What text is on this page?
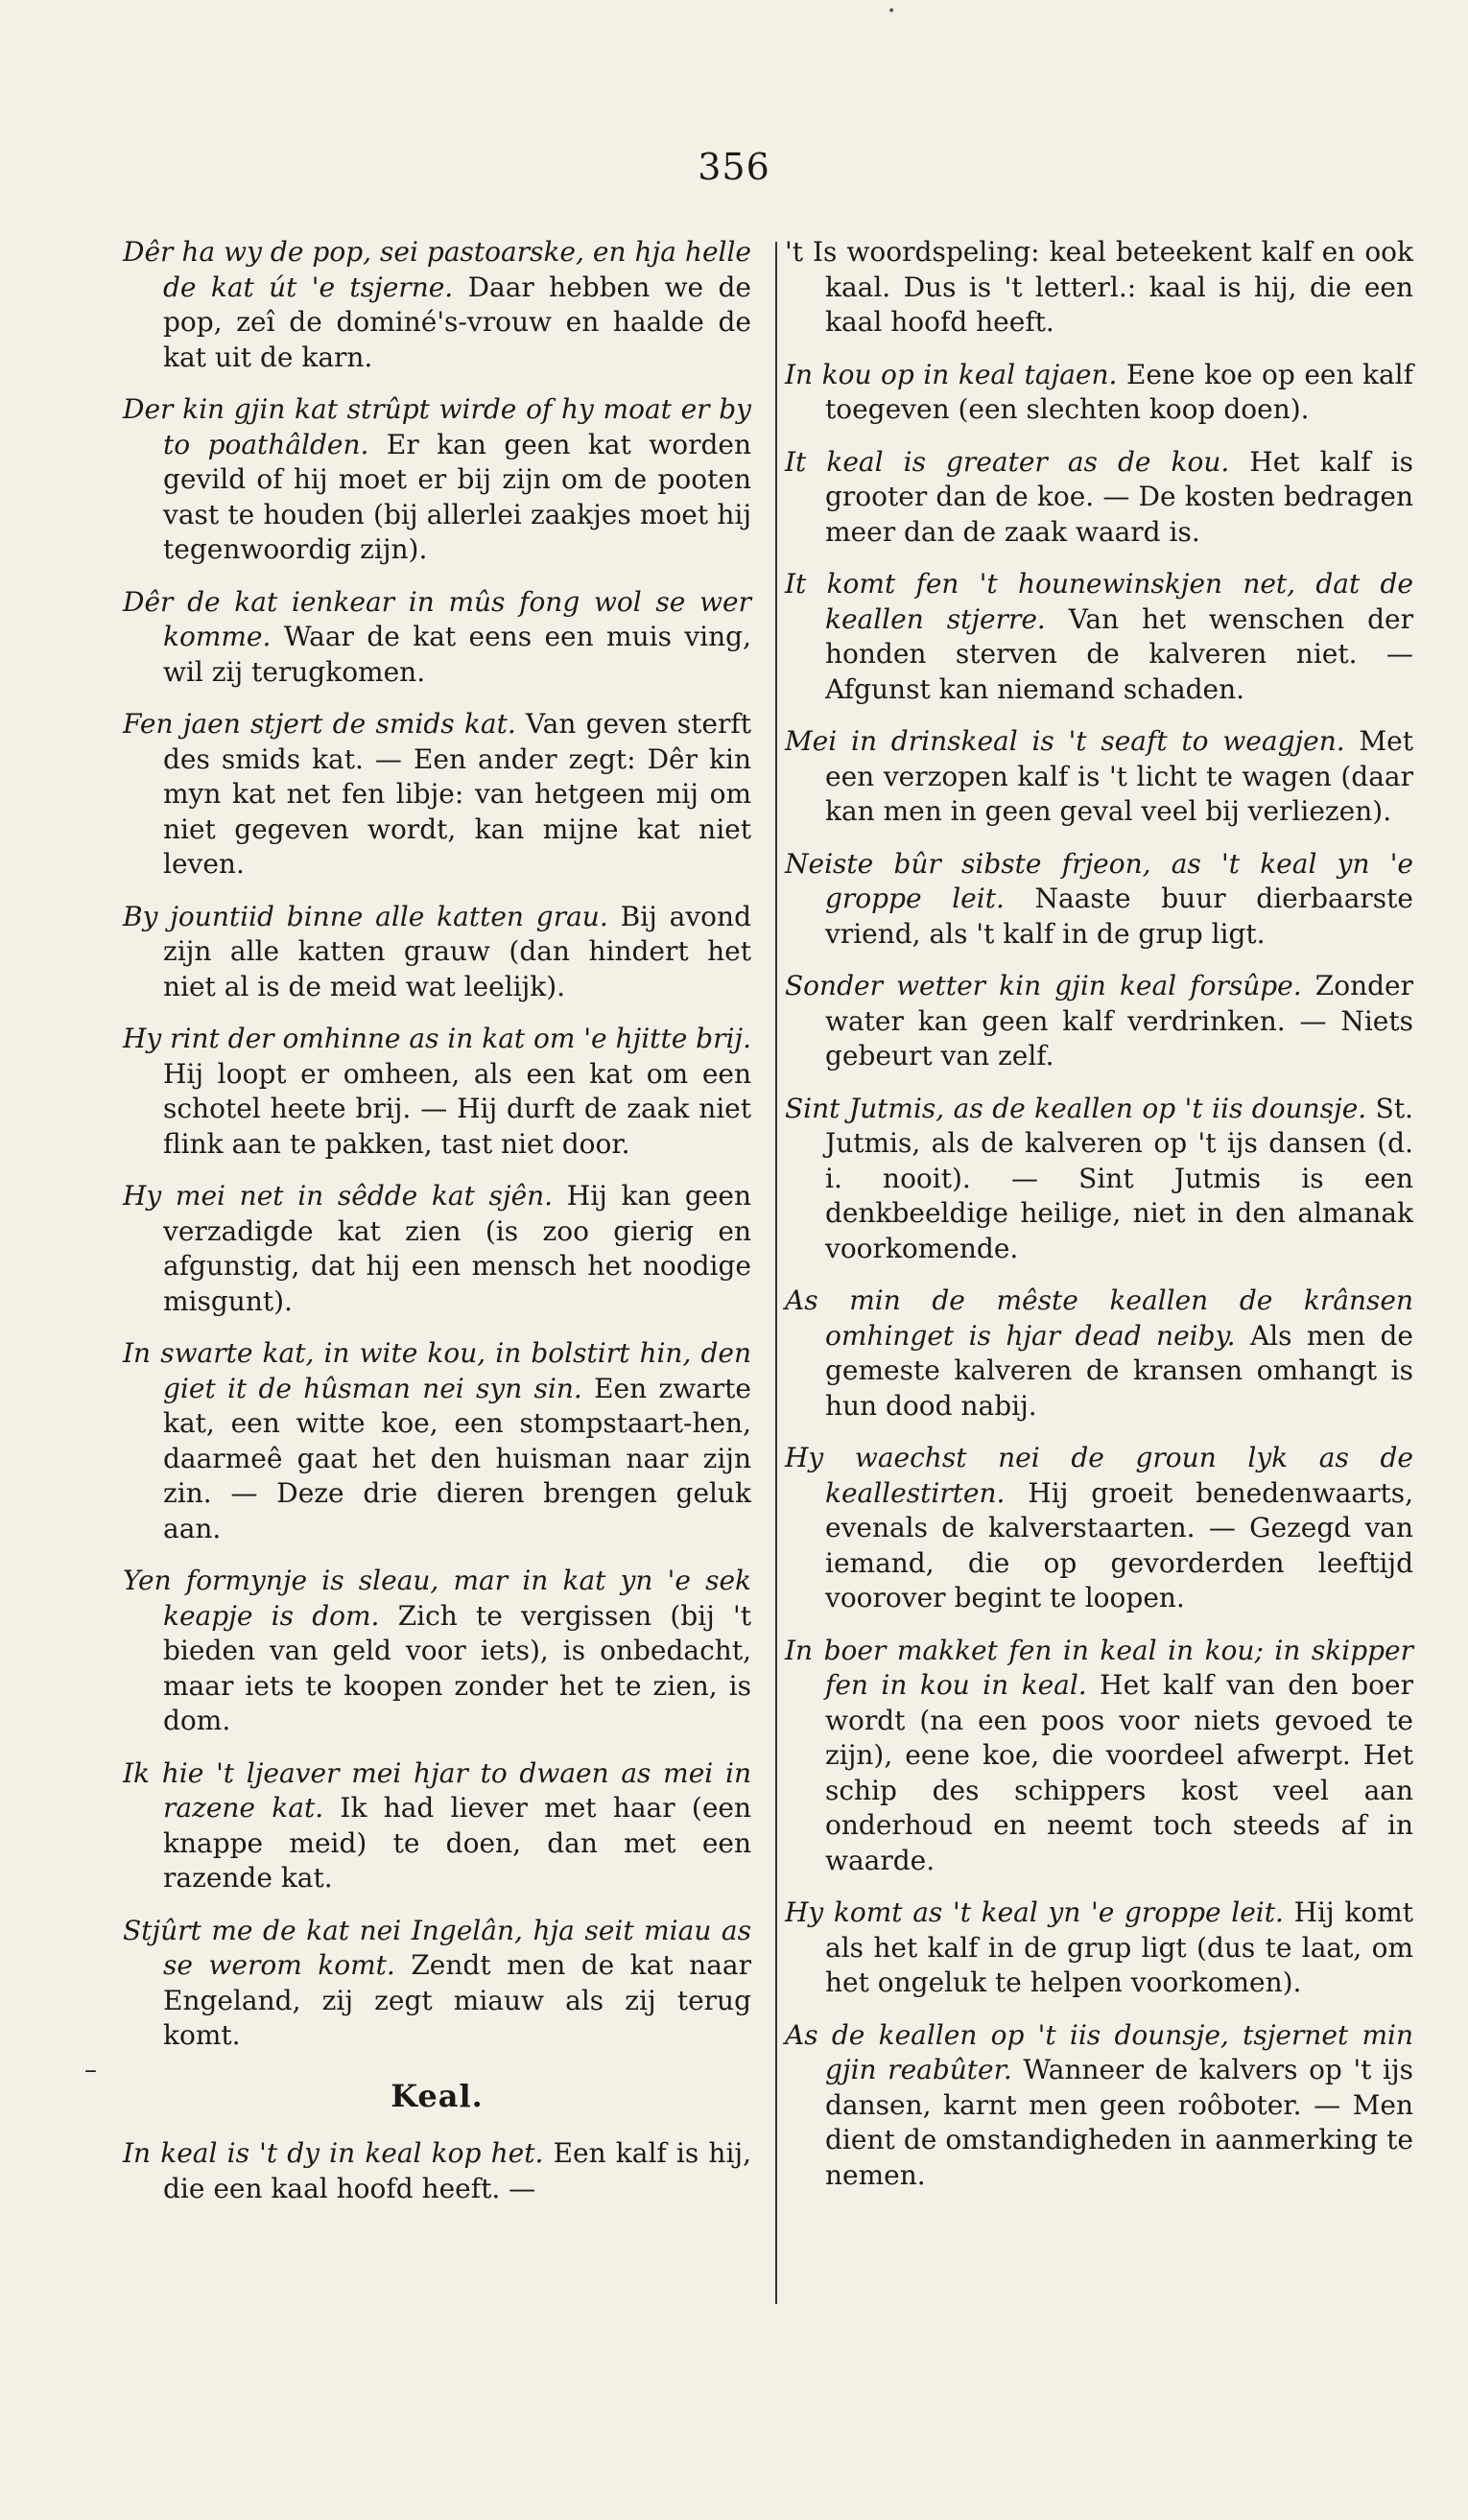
•
356

Dêr ha wy de pop, sei pastoarske, en hja helle de kat út 'e tsjerne. Daar hebben we de pop, zeî de dominé's-vrouw en haalde de kat uit de karn.

Der kin gjin kat strûpt wirde of hy moat er by to poathâlden. Er kan geen kat worden gevild of hij moet er bij zijn om de pooten vast te houden (bij allerlei zaakjes moet hij tegenwoordig zijn).

Dêr de kat ienkear in mûs fong wol se wer komme. Waar de kat eens een muis ving, wil zij terugkomen.

Fen jaen stjert de smids kat. Van geven sterft des smids kat. — Een ander zegt: Dêr kin myn kat net fen libje: van hetgeen mij om niet gegeven wordt, kan mijne kat niet leven.

By jountiid binne alle katten grau. Bij avond zijn alle katten grauw (dan hindert het niet al is de meid wat leelijk).

Hy rint der omhinne as in kat om 'e hjitte brij. Hij loopt er omheen, als een kat om een schotel heete brij. — Hij durft de zaak niet flink aan te pakken, tast niet door.

Hy mei net in sêdde kat sjên. Hij kan geen verzadigde kat zien (is zoo gierig en afgunstig, dat hij een mensch het noodige misgunt).

In swarte kat, in wite kou, in bolstirt hin, den giet it de hûsman nei syn sin. Een zwarte kat, een witte koe, een stompstaart-hen, daarmeê gaat het den huisman naar zijn zin. — Deze drie dieren brengen geluk aan.

Yen formynje is sleau, mar in kat yn 'e sek keapje is dom. Zich te vergissen (bij 't bieden van geld voor iets), is onbedacht, maar iets te koopen zonder het te zien, is dom.

Ik hie 't ljeaver mei hjar to dwaen as mei in razene kat. Ik had liever met haar (een knappe meid) te doen, dan met een razende kat.

Stjûrt me de kat nei Ingelân, hja seit miau as se werom komt. Zendt men de kat naar Engeland, zij zegt miauw als zij terug komt.

Keal.

In keal is 't dy in keal kop het. Een kalf is hij, die een kaal hoofd heeft. —

't Is woordspeling: keal beteekent kalf en ook kaal. Dus is 't letterl.: kaal is hij, die een kaal hoofd heeft.

In kou op in keal tajaen. Eene koe op een kalf toegeven (een slechten koop doen).

It keal is greater as de kou. Het kalf is grooter dan de koe. — De kosten bedragen meer dan de zaak waard is.

It komt fen 't hounewinskjen net, dat de keallen stjerre. Van het wenschen der honden sterven de kalveren niet. — Afgunst kan niemand schaden.

Mei in drinskeal is 't seaft to weagjen. Met een verzopen kalf is 't licht te wagen (daar kan men in geen geval veel bij verliezen).

Neiste bûr sibste frjeon, as 't keal yn 'e groppe leit. Naaste buur dierbaarste vriend, als 't kalf in de grup ligt.

Sonder wetter kin gjin keal forsûpe. Zonder water kan geen kalf verdrinken. — Niets gebeurt van zelf.

Sint Jutmis, as de keallen op 't iis dounsje. St. Jutmis, als de kalveren op 't ijs dansen (d. i. nooit). — Sint Jutmis is een denkbeeldige heilige, niet in den almanak voorkomende.

As min de mêste keallen de krânsen omhinget is hjar dead neiby. Als men de gemeste kalveren de kransen omhangt is hun dood nabij.

Hy waechst nei de groun lyk as de keallestirten. Hij groeit benedenwaarts, evenals de kalverstaarten. — Gezegd van iemand, die op gevorderden leeftijd voorover begint te loopen.

In boer makket fen in keal in kou; in skipper fen in kou in keal. Het kalf van den boer wordt (na een poos voor niets gevoed te zijn), eene koe, die voordeel afwerpt. Het schip des schippers kost veel aan onderhoud en neemt toch steeds af in waarde.

Hy komt as 't keal yn 'e groppe leit. Hij komt als het kalf in de grup ligt (dus te laat, om het ongeluk te helpen voorkomen).

As de keallen op 't iis dounsje, tsjernet min gjin reabûter. Wanneer de kalvers op 't ijs dansen, karnt men geen roôboter. — Men dient de omstandigheden in aanmerking te nemen.

–
